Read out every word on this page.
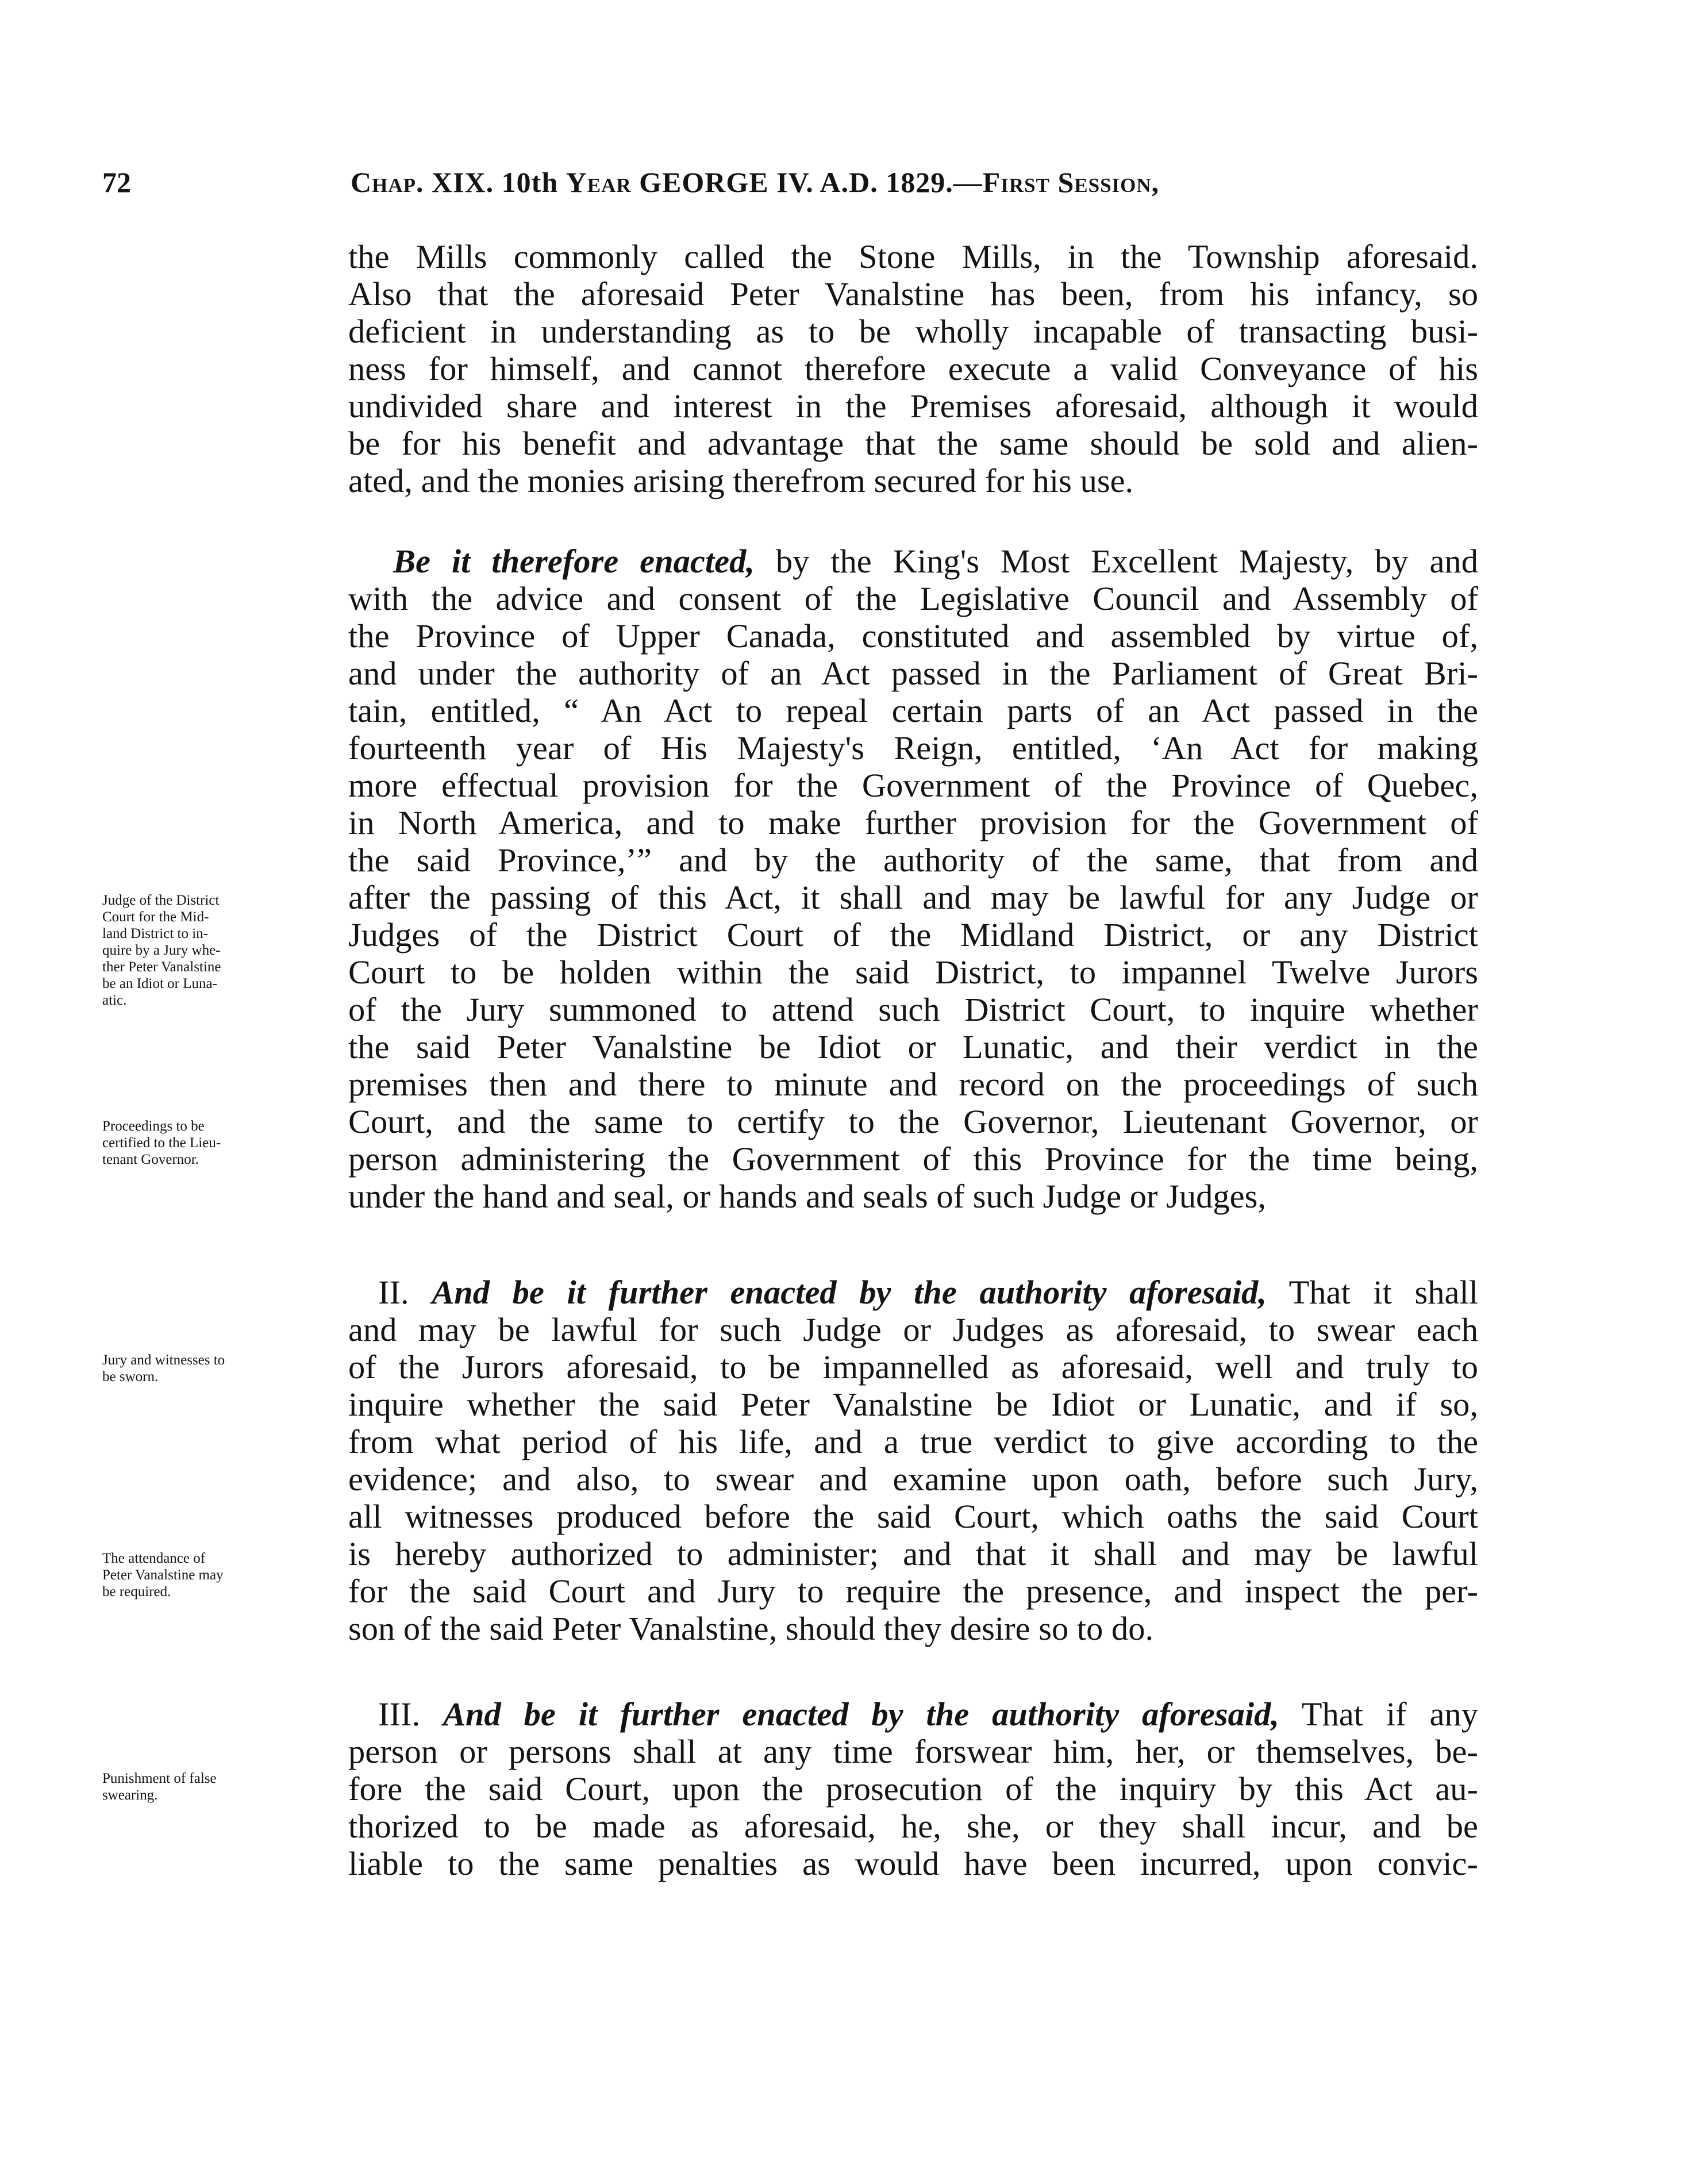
72	Chap. XIX. 10th Year GEORGE IV. A.D. 1829.—First Session,
the Mills commonly called the Stone Mills, in the Township aforesaid.
Also that the aforesaid Peter Vanalstine has been, from his infancy, so
deficient in understanding as to be wholly incapable of transacting busi-
ness for himself, and cannot therefore execute a valid Conveyance of his
undivided share and interest in the Premises aforesaid, although it would
be for his benefit and advantage that the same should be sold and alien-
ated, and the monies arising therefrom secured for his use.
Be it therefore enacted, by the King's Most Excellent Majesty, by and
with the advice and consent of the Legislative Council and Assembly of
the Province of Upper Canada, constituted and assembled by virtue of,
and under the authority of an Act passed in the Parliament of Great Bri-
tain, entitled, “ An Act to repeal certain parts of an Act passed in the
fourteenth year of His Majesty's Reign, entitled, ‘An Act for making
more effectual provision for the Government of the Province of Quebec,
in North America, and to make further provision for the Government of
the said Province,’” and by the authority of the same, that from and
after the passing of this Act, it shall and may be lawful for any Judge or
Judges of the District Court of the Midland District, or any District
Court to be holden within the said District, to impannel Twelve Jurors
of the Jury summoned to attend such District Court, to inquire whether
the said Peter Vanalstine be Idiot or Lunatic, and their verdict in the
premises then and there to minute and record on the proceedings of such
Court, and the same to certify to the Governor, Lieutenant Governor, or
person administering the Government of this Province for the time being,
under the hand and seal, or hands and seals of such Judge or Judges,
II. And be it further enacted by the authority aforesaid, That it shall
and may be lawful for such Judge or Judges as aforesaid, to swear each
of the Jurors aforesaid, to be impannelled as aforesaid, well and truly to
inquire whether the said Peter Vanalstine be Idiot or Lunatic, and if so,
from what period of his life, and a true verdict to give according to the
evidence; and also, to swear and examine upon oath, before such Jury,
all witnesses produced before the said Court, which oaths the said Court
is hereby authorized to administer; and that it shall and may be lawful
for the said Court and Jury to require the presence, and inspect the per-
son of the said Peter Vanalstine, should they desire so to do.
III. And be it further enacted by the authority aforesaid, That if any
person or persons shall at any time forswear him, her, or themselves, be-
fore the said Court, upon the prosecution of the inquiry by this Act au-
thorized to be made as aforesaid, he, she, or they shall incur, and be
liable to the same penalties as would have been incurred, upon convic-
Judge of the District
Court for the Mid-
land District to in-
quire by a Jury whe-
ther Peter Vanalstine
be an Idiot or Luna-
atic.
Proceedings to be
certified to the Lieu-
tenant Governor.
Jury and witnesses to
be sworn.
The attendance of
Peter Vanalstine may
be required.
Punishment of false
swearing.
